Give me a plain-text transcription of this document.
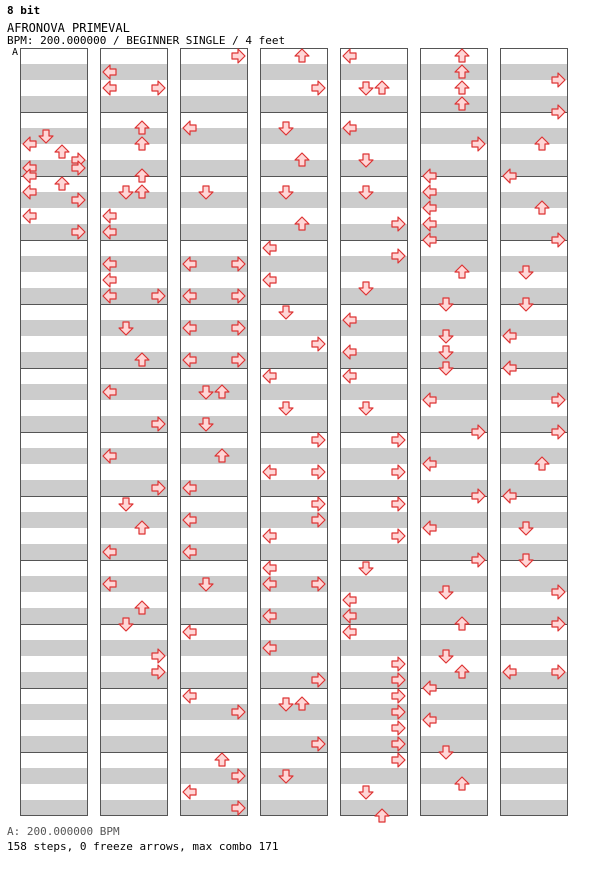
8 bit
AFRONOVA PRIMEVAL
BPM: 200.000000 / BEGINNER SINGLE / 4 feet
A
A: 200.000000 BPM
158 steps, 0 freeze arrows, max combo 171
